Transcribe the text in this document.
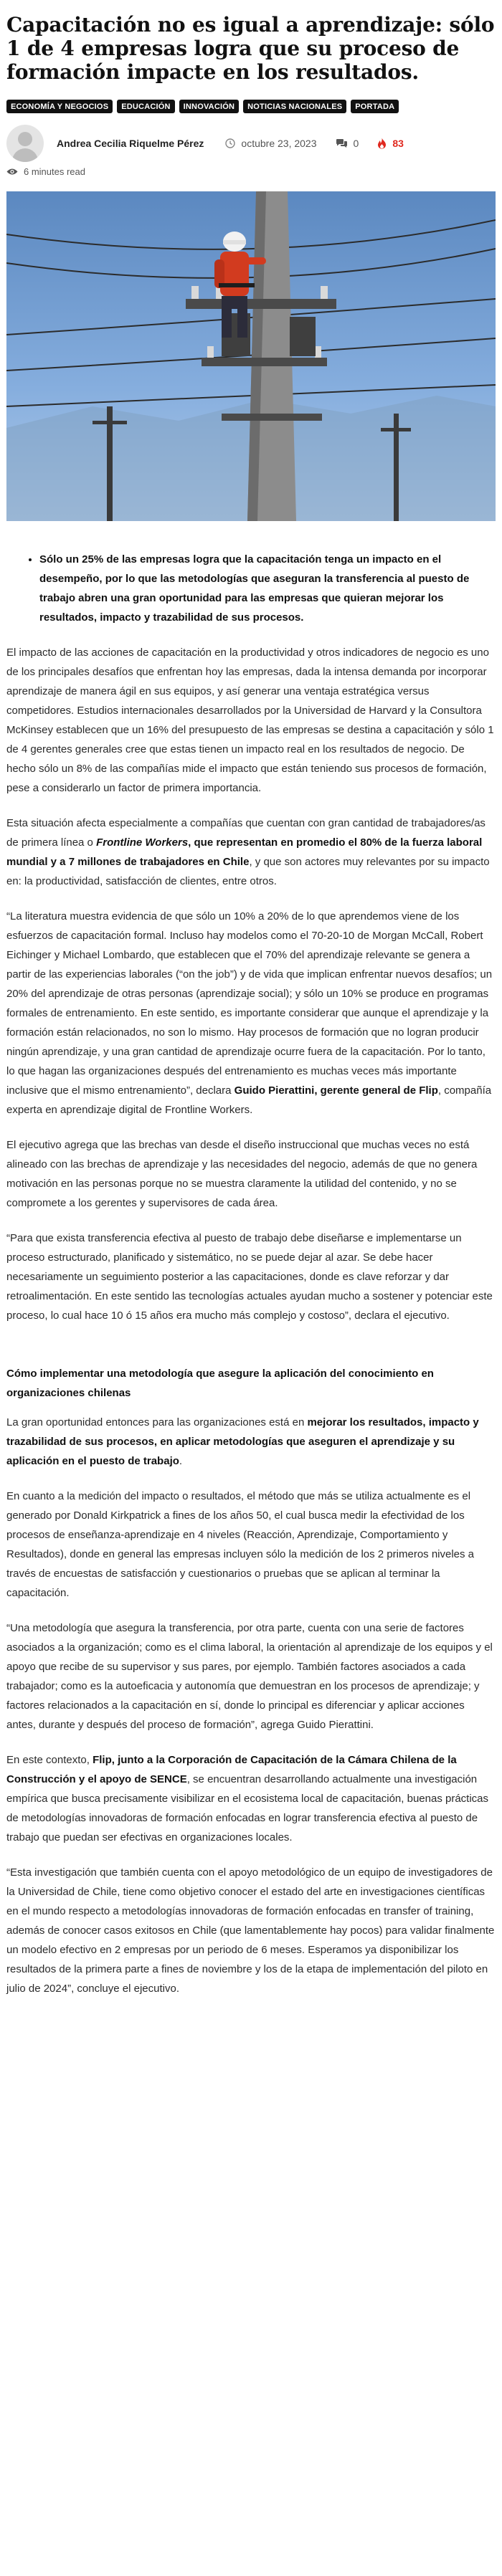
Capacitación no es igual a aprendizaje: sólo 1 de 4 empresas logra que su proceso de formación impacte en los resultados.
ECONOMÍA Y NEGOCIOS	EDUCACIÓN	INNOVACIÓN	NOTICIAS NACIONALES	PORTADA
Andrea Cecilia Riquelme Pérez	octubre 23, 2023	0	83
6 minutes read
• Sólo un 25% de las empresas logra que la capacitación tenga un impacto en el desempeño, por lo que las metodologías que aseguran la transferencia al puesto de trabajo abren una gran oportunidad para las empresas que quieran mejorar los resultados, impacto y trazabilidad de sus procesos.

El impacto de las acciones de capacitación en la productividad y otros indicadores de negocio es uno de los principales desafíos que enfrentan hoy las empresas, dada la intensa demanda por incorporar aprendizaje de manera ágil en sus equipos, y así generar una ventaja estratégica versus competidores. Estudios internacionales desarrollados por la Universidad de Harvard y la Consultora McKinsey establecen que un 16% del presupuesto de las empresas se destina a capacitación y sólo 1 de 4 gerentes generales cree que estas tienen un impacto real en los resultados de negocio. De hecho sólo un 8% de las compañías mide el impacto que están teniendo sus procesos de formación, pese a considerarlo un factor de primera importancia.

Esta situación afecta especialmente a compañías que cuentan con gran cantidad de trabajadores/as de primera línea o Frontline Workers, que representan en promedio el 80% de la fuerza laboral mundial y a 7 millones de trabajadores en Chile, y que son actores muy relevantes por su impacto en: la productividad, satisfacción de clientes, entre otros.

“La literatura muestra evidencia de que sólo un 10% a 20% de lo que aprendemos viene de los esfuerzos de capacitación formal. Incluso hay modelos como el 70-20-10 de Morgan McCall, Robert Eichinger y Michael Lombardo, que establecen que el 70% del aprendizaje relevante se genera a partir de las experiencias laborales (“on the job”) y de vida que implican enfrentar nuevos desafíos; un 20% del aprendizaje de otras personas (aprendizaje social); y sólo un 10% se produce en programas formales de entrenamiento. En este sentido, es importante considerar que aunque el aprendizaje y la formación están relacionados, no son lo mismo. Hay procesos de formación que no logran producir ningún aprendizaje, y una gran cantidad de aprendizaje ocurre fuera de la capacitación. Por lo tanto, lo que hagan las organizaciones después del entrenamiento es muchas veces más importante inclusive que el mismo entrenamiento”, declara Guido Pierattini, gerente general de Flip, compañía experta en aprendizaje digital de Frontline Workers.

El ejecutivo agrega que las brechas van desde el diseño instruccional que muchas veces no está alineado con las brechas de aprendizaje y las necesidades del negocio, además de que no genera motivación en las personas porque no se muestra claramente la utilidad del contenido, y no se compromete a los gerentes y supervisores de cada área.

“Para que exista transferencia efectiva al puesto de trabajo debe diseñarse e implementarse un proceso estructurado, planificado y sistemático, no se puede dejar al azar. Se debe hacer necesariamente un seguimiento posterior a las capacitaciones, donde es clave reforzar y dar retroalimentación. En este sentido las tecnologías actuales ayudan mucho a sostener y potenciar este proceso, lo cual hace 10 ó 15 años era mucho más complejo y costoso”, declara el ejecutivo.

Cómo implementar una metodología que asegure la aplicación del conocimiento en organizaciones chilenas

La gran oportunidad entonces para las organizaciones está en mejorar los resultados, impacto y trazabilidad de sus procesos, en aplicar metodologías que aseguren el aprendizaje y su aplicación en el puesto de trabajo.

En cuanto a la medición del impacto o resultados, el método que más se utiliza actualmente es el generado por Donald Kirkpatrick a fines de los años 50, el cual busca medir la efectividad de los procesos de enseñanza-aprendizaje en 4 niveles (Reacción, Aprendizaje, Comportamiento y Resultados), donde en general las empresas incluyen sólo la medición de los 2 primeros niveles a través de encuestas de satisfacción y cuestionarios o pruebas que se aplican al terminar la capacitación.

“Una metodología que asegura la transferencia, por otra parte, cuenta con una serie de factores asociados a la organización; como es el clima laboral, la orientación al aprendizaje de los equipos y el apoyo que recibe de su supervisor y sus pares, por ejemplo. También factores asociados a cada trabajador; como es la autoeficacia y autonomía que demuestran en los procesos de aprendizaje; y factores relacionados a la capacitación en sí, donde lo principal es diferenciar y aplicar acciones antes, durante y después del proceso de formación”, agrega Guido Pierattini.

En este contexto, Flip, junto a la Corporación de Capacitación de la Cámara Chilena de la Construcción y el apoyo de SENCE, se encuentran desarrollando actualmente una investigación empírica que busca precisamente visibilizar en el ecosistema local de capacitación, buenas prácticas de metodologías innovadoras de formación enfocadas en lograr transferencia efectiva al puesto de trabajo que puedan ser efectivas en organizaciones locales.

“Esta investigación que también cuenta con el apoyo metodológico de un equipo de investigadores de la Universidad de Chile, tiene como objetivo conocer el estado del arte en investigaciones científicas en el mundo respecto a metodologías innovadoras de formación enfocadas en transfer of training, además de conocer casos exitosos en Chile (que lamentablemente hay pocos) para validar finalmente un modelo efectivo en 2 empresas por un periodo de 6 meses. Esperamos ya disponibilizar los resultados de la primera parte a fines de noviembre y los de la etapa de implementación del piloto en julio de 2024”, concluye el ejecutivo.
